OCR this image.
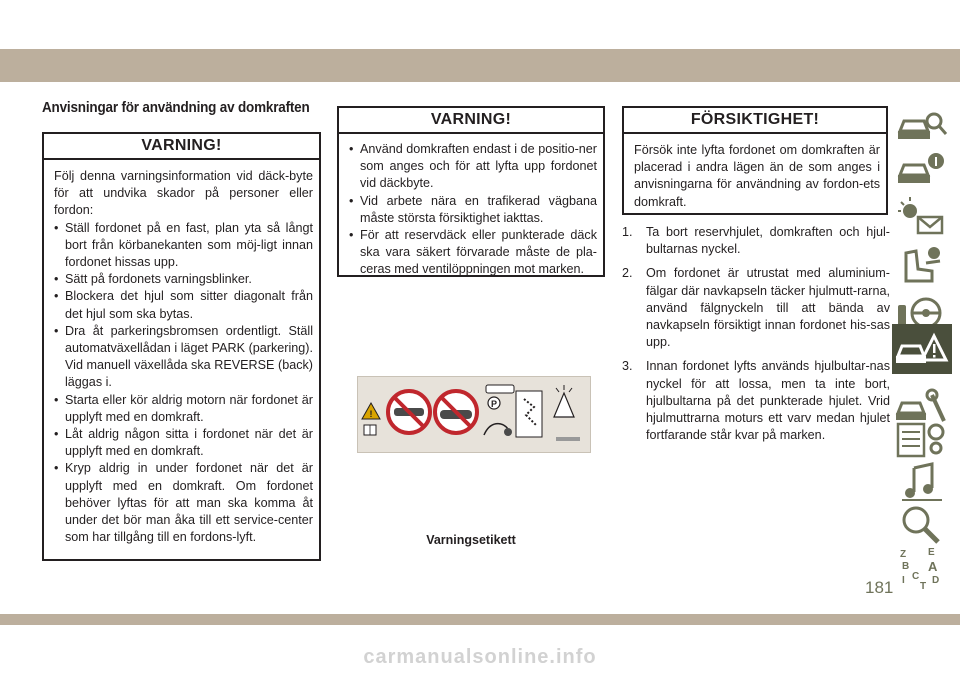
Anvisningar för användning av domkraften
VARNING!

Följ denna varningsinformation vid däck-byte för att undvika skador på personer eller fordon:

• Ställ fordonet på en fast, plan yta så långt bort från körbanekanten som möj-ligt innan fordonet hissas upp.
• Sätt på fordonets varningsblinker.
• Blockera det hjul som sitter diagonalt från det hjul som ska bytas.
• Dra åt parkeringsbromsen ordentligt. Ställ automatväxellådan i läget PARK (parkering). Vid manuell växellåda ska REVERSE (back) läggas i.
• Starta eller kör aldrig motorn när fordonet är upplyft med en domkraft.
• Låt aldrig någon sitta i fordonet när det är upplyft med en domkraft.
• Kryp aldrig in under fordonet när det är upplyft med en domkraft. Om fordonet behöver lyftas för att man ska komma åt under det bör man åka till ett service-center som har tillgång till en fordons-lyft.
VARNING!
• Använd domkraften endast i de positio-ner som anges och för att lyfta upp fordonet vid däckbyte.
• Vid arbete nära en trafikerad vägbana måste största försiktighet iakttas.
• För att reservdäck eller punkterade däck ska vara säkert förvarade måste de pla-ceras med ventilöppningen mot marken.
FÖRSIKTIGHET!

Försök inte lyfta fordonet om domkraften är placerad i andra lägen än de som anges i anvisningarna för användning av fordon-ets domkraft.

1. Ta bort reservhjulet, domkraften och hjul-bultarnas nyckel.
2. Om fordonet är utrustat med aluminium-fälgar där navkapseln täcker hjulmutt-rarna, använd fälgnyckeln till att bända av navkapseln försiktigt innan fordonet his-sas upp.
3. Innan fordonet lyfts används hjulbultar-nas nyckel för att lossa, men ta inte bort, hjulbultarna på det punkterade hjulet. Vrid hjulmuttrarna moturs ett varv medan hjulet fortfarande står kvar på marken.
!
P
Varningsetikett
Z E
B A
C D
I
T
181
carmanualsonline.info
